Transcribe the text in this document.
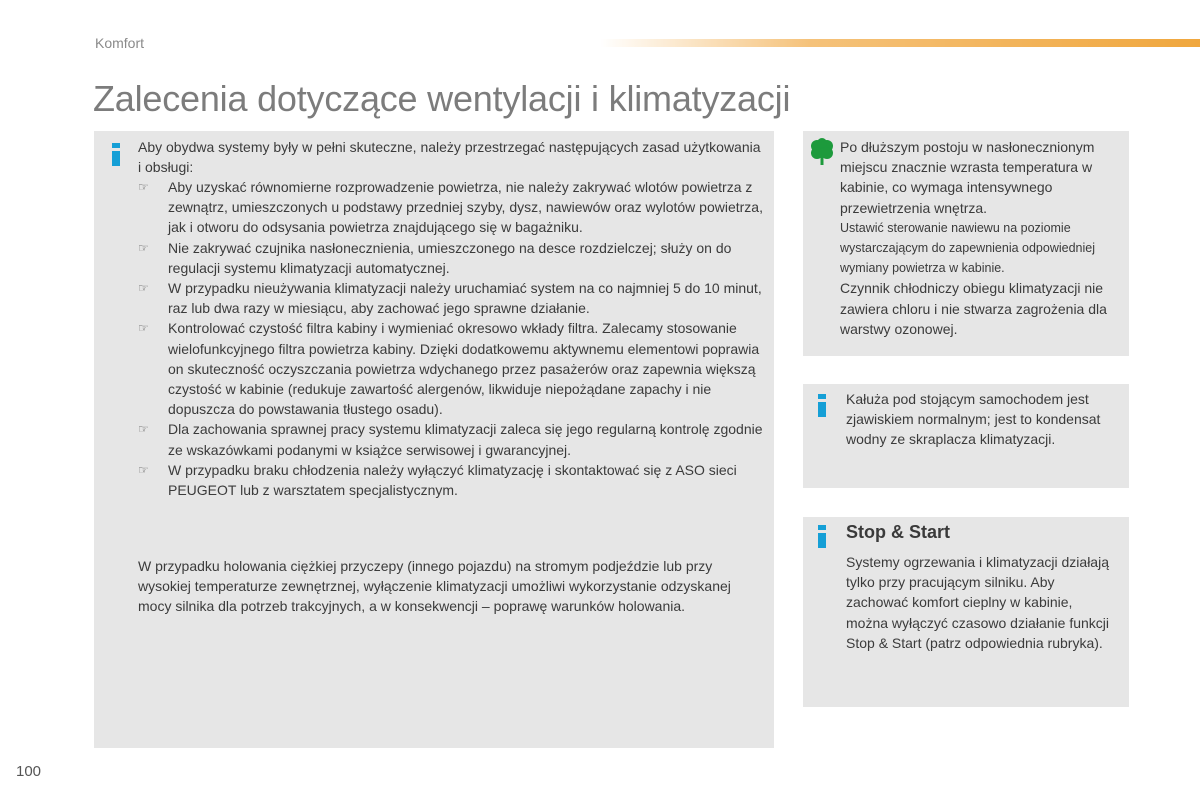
Komfort
Zalecenia dotyczące wentylacji i klimatyzacji
Aby obydwa systemy były w pełni skuteczne, należy przestrzegać następujących zasad użytkowania i obsługi:
☞ Aby uzyskać równomierne rozprowadzenie powietrza, nie należy zakrywać wlotów powietrza z zewnątrz, umieszczonych u podstawy przedniej szyby, dysz, nawiewów oraz wylotów powietrza, jak i otworu do odsysania powietrza znajdującego się w bagażniku.
☞ Nie zakrywać czujnika nasłonecznienia, umieszczonego na desce rozdzielczej; służy on do regulacji systemu klimatyzacji automatycznej.
☞ W przypadku nieużywania klimatyzacji należy uruchamiać system na co najmniej 5 do 10 minut, raz lub dwa razy w miesiącu, aby zachować jego sprawne działanie.
☞ Kontrolować czystość filtra kabiny i wymieniać okresowo wkłady filtra. Zalecamy stosowanie wielofunkcyjnego filtra powietrza kabiny. Dzięki dodatkowemu aktywnemu elementowi poprawia on skuteczność oczyszczania powietrza wdychanego przez pasażerów oraz zapewnia większą czystość w kabinie (redukuje zawartość alergenów, likwiduje niepożądane zapachy i nie dopuszcza do powstawania tłustego osadu).
☞ Dla zachowania sprawnej pracy systemu klimatyzacji zaleca się jego regularną kontrolę zgodnie ze wskazówkami podanymi w książce serwisowej i gwarancyjnej.
☞ W przypadku braku chłodzenia należy wyłączyć klimatyzację i skontaktować się z ASO sieci PEUGEOT lub z warsztatem specjalistycznym.
W przypadku holowania ciężkiej przyczepy (innego pojazdu) na stromym podjeździe lub przy wysokiej temperaturze zewnętrznej, wyłączenie klimatyzacji umożliwi wykorzystanie odzyskanej mocy silnika dla potrzeb trakcyjnych, a w konsekwencji – poprawę warunków holowania.
Po dłuższym postoju w nasłonecznionym miejscu znacznie wzrasta temperatura w kabinie, co wymaga intensywnego przewietrzenia wnętrza.
Ustawić sterowanie nawiewu na poziomie wystarczającym do zapewnienia odpowiedniej wymiany powietrza w kabinie.
Czynnik chłodniczy obiegu klimatyzacji nie zawiera chloru i nie stwarza zagrożenia dla warstwy ozonowej.
Kałuża pod stojącym samochodem jest zjawiskiem normalnym; jest to kondensat wodny ze skraplacza klimatyzacji.
Stop & Start
Systemy ogrzewania i klimatyzacji działają tylko przy pracującym silniku. Aby zachować komfort cieplny w kabinie, można wyłączyć czasowo działanie funkcji Stop & Start (patrz odpowiednia rubryka).
100
